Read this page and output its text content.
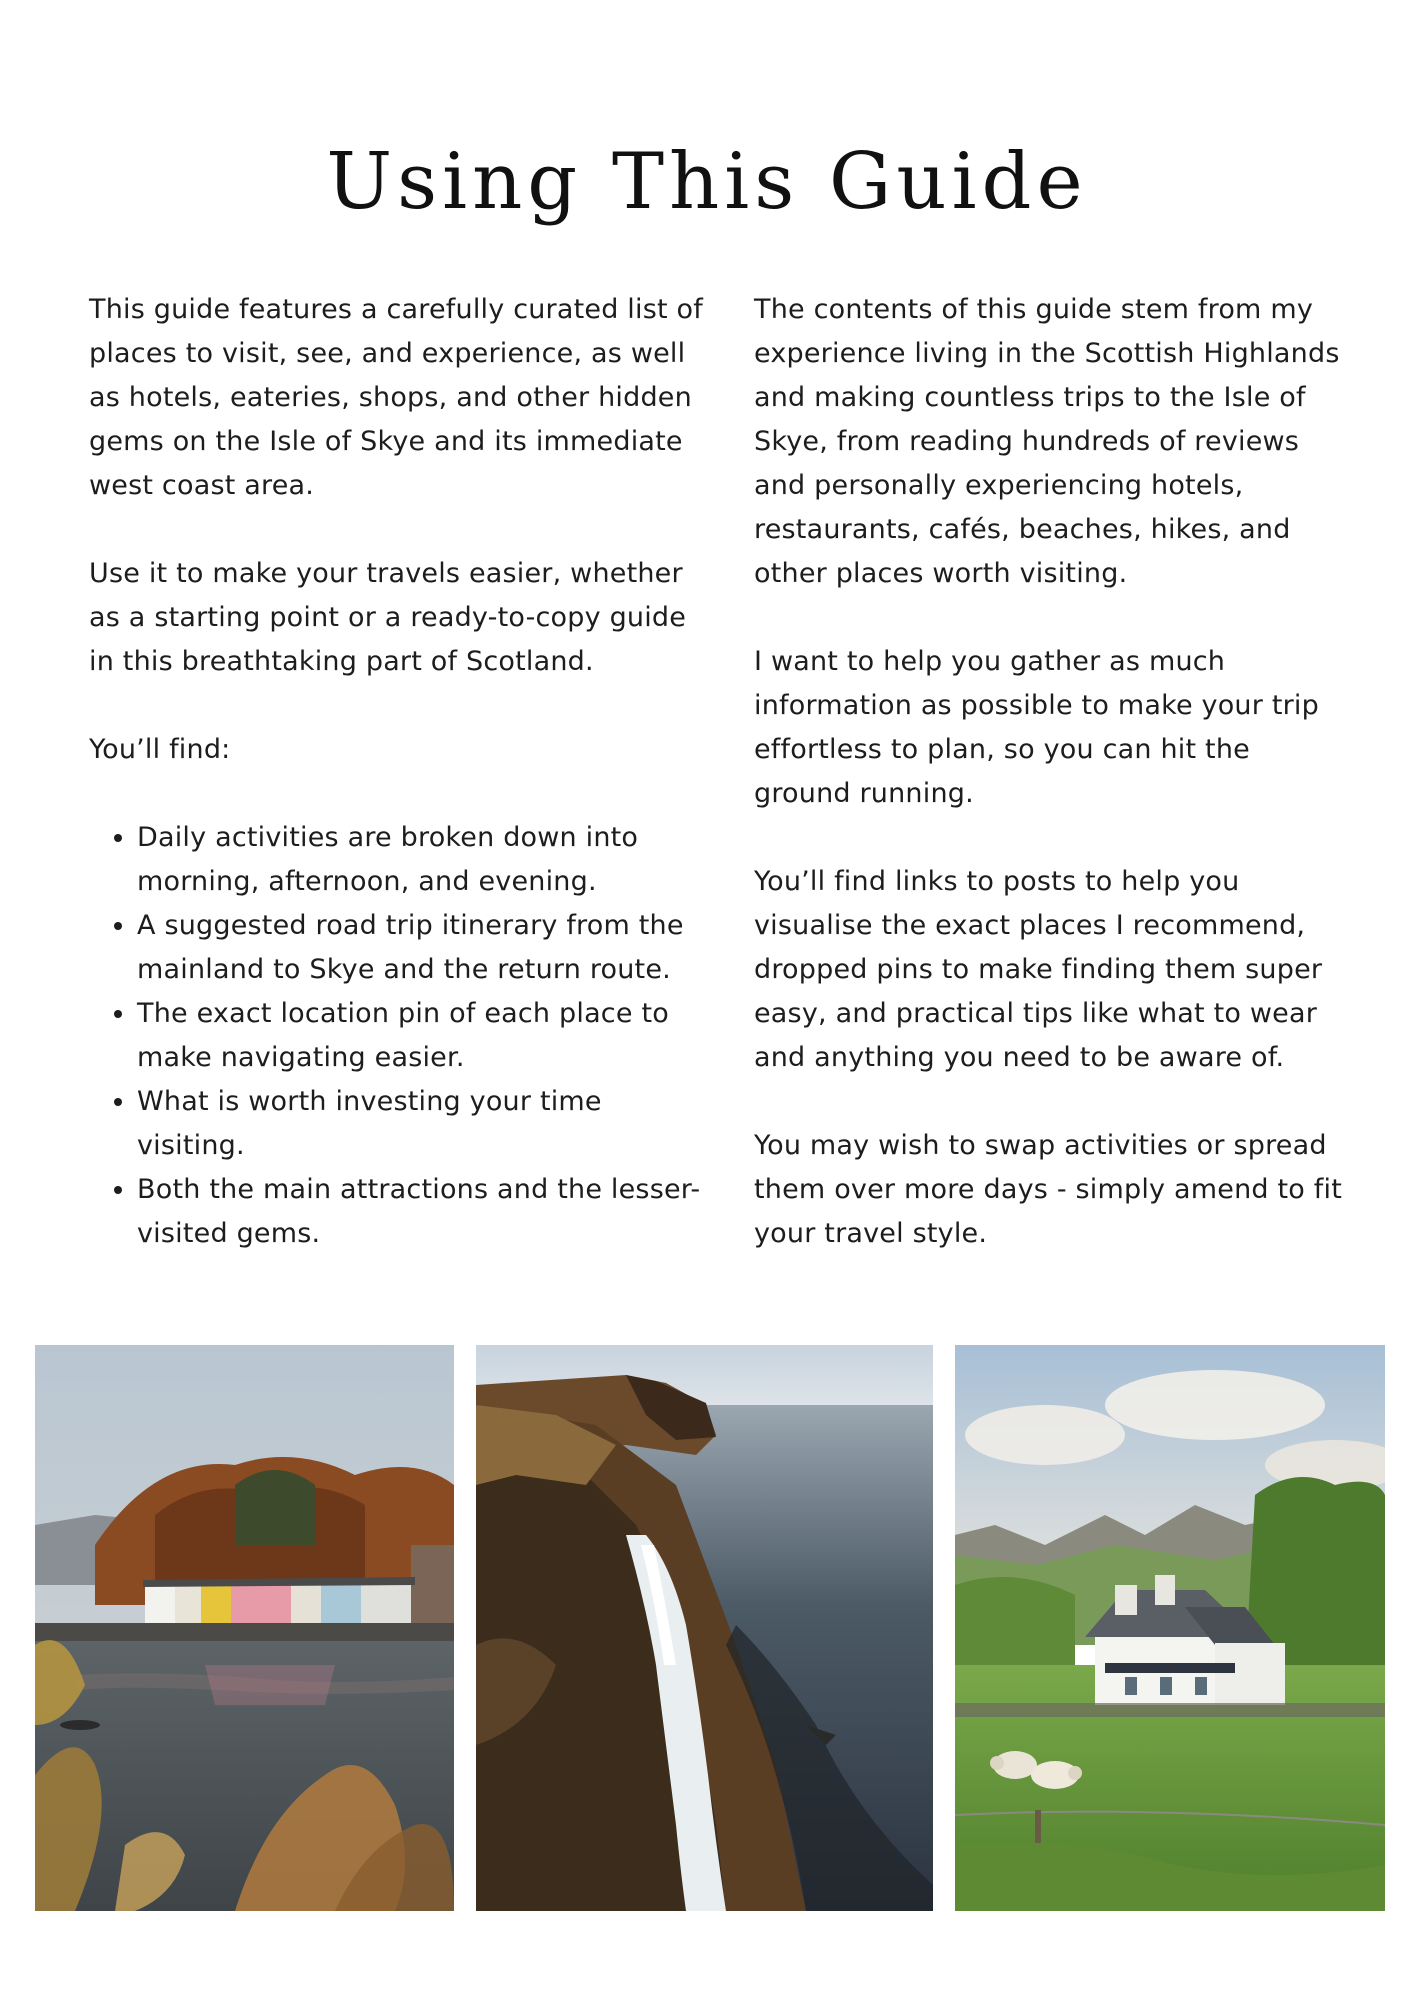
Using This Guide

This guide features a carefully curated list of places to visit, see, and experience, as well as hotels, eateries, shops, and other hidden gems on the Isle of Skye and its immediate west coast area.

Use it to make your travels easier, whether as a starting point or a ready-to-copy guide in this breathtaking part of Scotland.

You’ll find:

• Daily activities are broken down into morning, afternoon, and evening.
• A suggested road trip itinerary from the mainland to Skye and the return route.
• The exact location pin of each place to make navigating easier.
• What is worth investing your time visiting.
• Both the main attractions and the lesser-visited gems.

The contents of this guide stem from my experience living in the Scottish Highlands and making countless trips to the Isle of Skye, from reading hundreds of reviews and personally experiencing hotels, restaurants, cafés, beaches, hikes, and other places worth visiting.

I want to help you gather as much information as possible to make your trip effortless to plan, so you can hit the ground running.

You’ll find links to posts to help you visualise the exact places I recommend, dropped pins to make finding them super easy, and practical tips like what to wear and anything you need to be aware of.

You may wish to swap activities or spread them over more days - simply amend to fit your travel style.
